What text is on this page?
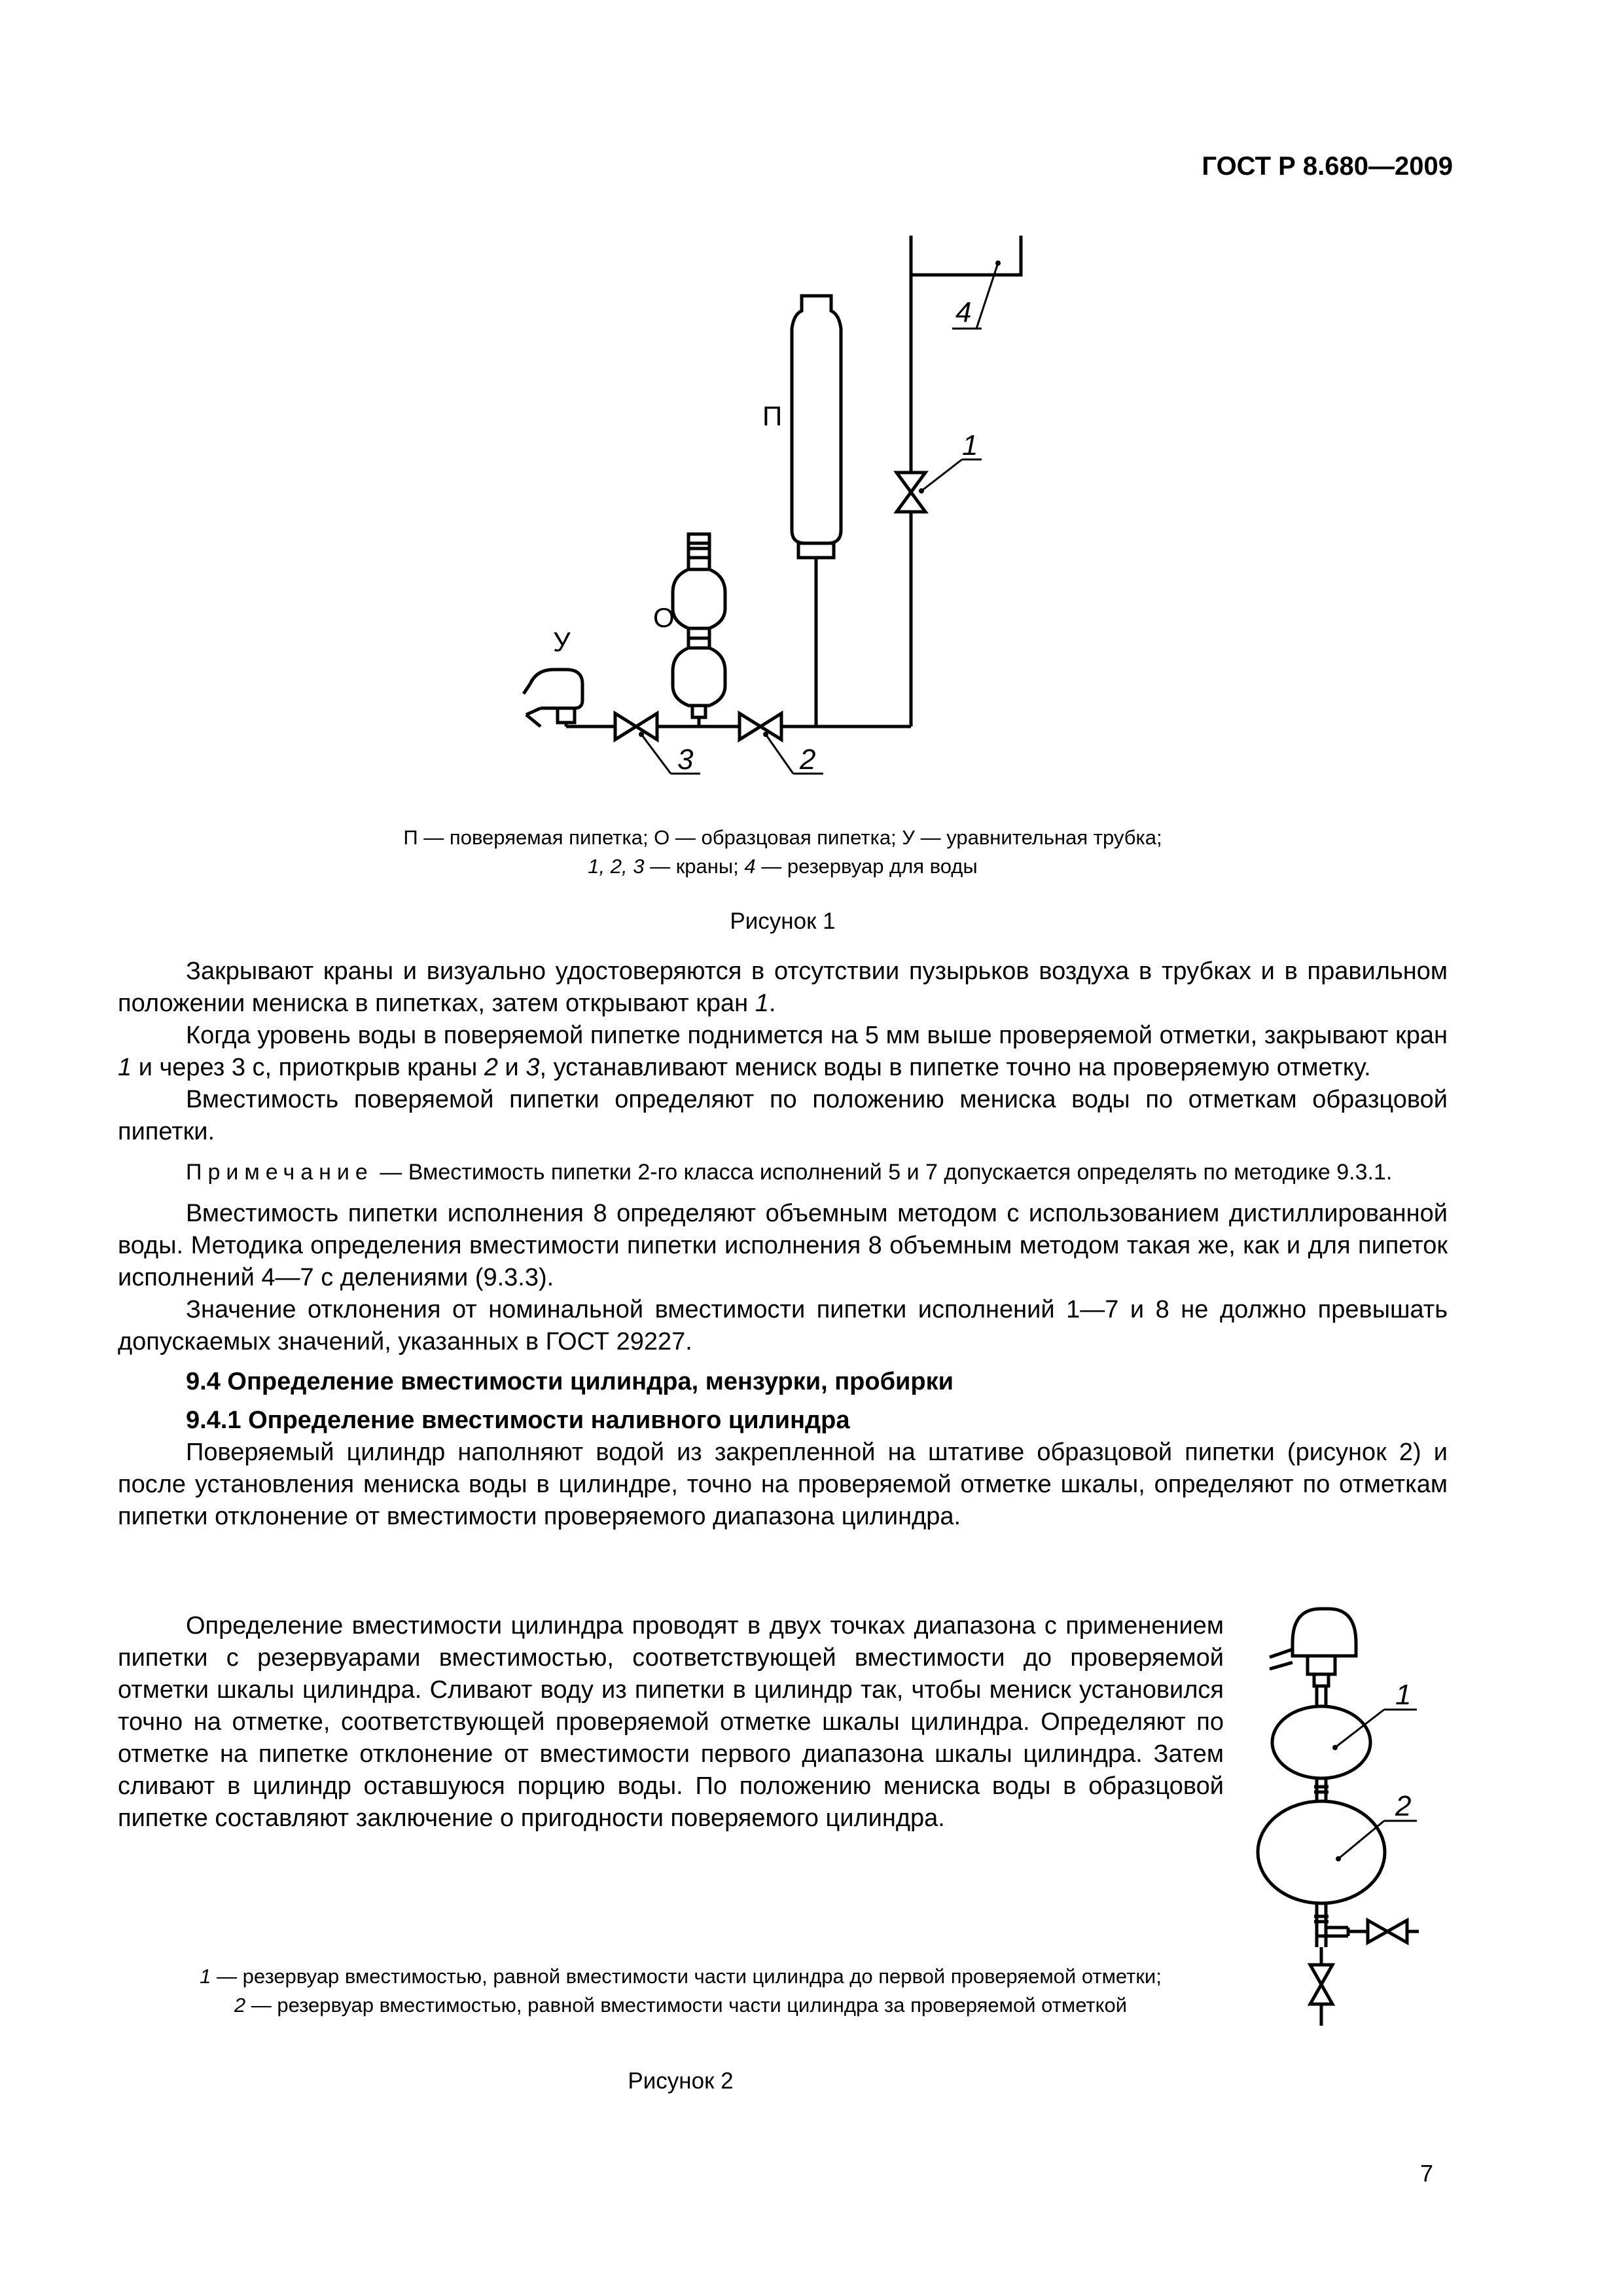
ГОСТ Р 8.680—2009
4
1
П
О
3	2
У
П — поверяемая пипетка; О — образцовая пипетка; У — уравнительная трубка;
1, 2, 3 — краны; 4 — резервуар для воды
Рисунок 1

Закрывают краны и визуально удостоверяются в отсутствии пузырьков воздуха в трубках и в правильном положении мениска в пипетках, затем открывают кран 1.

Когда уровень воды в поверяемой пипетке поднимется на 5 мм выше проверяемой отметки, закрывают кран 1 и через 3 с, приоткрыв краны 2 и 3, устанавливают мениск воды в пипетке точно на проверяемую отметку.

Вместимость поверяемой пипетки определяют по положению мениска воды по отметкам образцовой пипетки.

Примечание — Вместимость пипетки 2-го класса исполнений 5 и 7 допускается определять по методике 9.3.1.

Вместимость пипетки исполнения 8 определяют объемным методом с использованием дистиллированной воды. Методика определения вместимости пипетки исполнения 8 объемным методом такая же, как и для пипеток исполнений 4—7 с делениями (9.3.3).

Значение отклонения от номинальной вместимости пипетки исполнений 1—7 и 8 не должно превышать допускаемых значений, указанных в ГОСТ 29227.

9.4 Определение вместимости цилиндра, мензурки, пробирки

9.4.1 Определение вместимости наливного цилиндра

Поверяемый цилиндр наполняют водой из закрепленной на штативе образцовой пипетки (рисунок 2) и после установления мениска воды в цилиндре, точно на проверяемой отметке шкалы, определяют по отметкам пипетки отклонение от вместимости проверяемого диапазона цилиндра.

Определение вместимости цилиндра проводят в двух точках диапазона с применением пипетки с резервуарами вместимостью, соответствующей вместимости до проверяемой отметки шкалы цилиндра. Сливают воду из пипетки в цилиндр так, чтобы мениск установился точно на отметке, соответствующей проверяемой отметке шкалы цилиндра. Определяют по отметке на пипетке отклонение от вместимости первого диапазона шкалы цилиндра. Затем сливают в цилиндр оставшуюся порцию воды. По положению мениска воды в образцовой пипетке составляют заключение о пригодности поверяемого цилиндра.

1
2
1 — резервуар вместимостью, равной вместимости части цилиндра до первой проверяемой отметки;
2 — резервуар вместимостью, равной вместимости части цилиндра за проверяемой отметкой
Рисунок 2
7
